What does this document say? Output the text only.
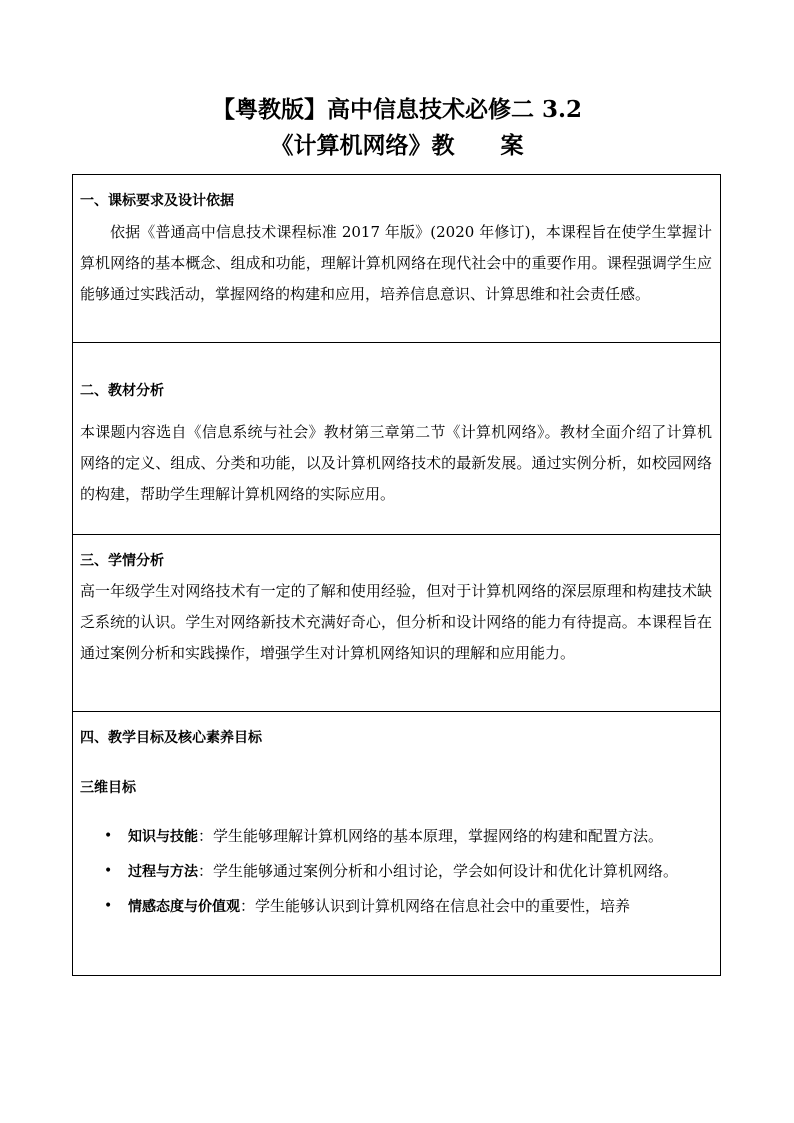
【粤教版】高中信息技术必修二 3.2
《计算机网络》教　　案
一、课标要求及设计依据
依据《普通高中信息技术课程标准 2017 年版》(2020 年修订)，本课程旨在使学生掌握计算机网络的基本概念、组成和功能，理解计算机网络在现代社会中的重要作用。课程强调学生应能够通过实践活动，掌握网络的构建和应用，培养信息意识、计算思维和社会责任感。
二、教材分析
本课题内容选自《信息系统与社会》教材第三章第二节《计算机网络》。教材全面介绍了计算机网络的定义、组成、分类和功能，以及计算机网络技术的最新发展。通过实例分析，如校园网络的构建，帮助学生理解计算机网络的实际应用。
三、学情分析
高一年级学生对网络技术有一定的了解和使用经验，但对于计算机网络的深层原理和构建技术缺乏系统的认识。学生对网络新技术充满好奇心，但分析和设计网络的能力有待提高。本课程旨在通过案例分析和实践操作，增强学生对计算机网络知识的理解和应用能力。
四、教学目标及核心素养目标
三维目标
• 知识与技能：学生能够理解计算机网络的基本原理，掌握网络的构建和配置方法。
• 过程与方法：学生能够通过案例分析和小组讨论，学会如何设计和优化计算机网络。
• 情感态度与价值观：学生能够认识到计算机网络在信息社会中的重要性，培养
